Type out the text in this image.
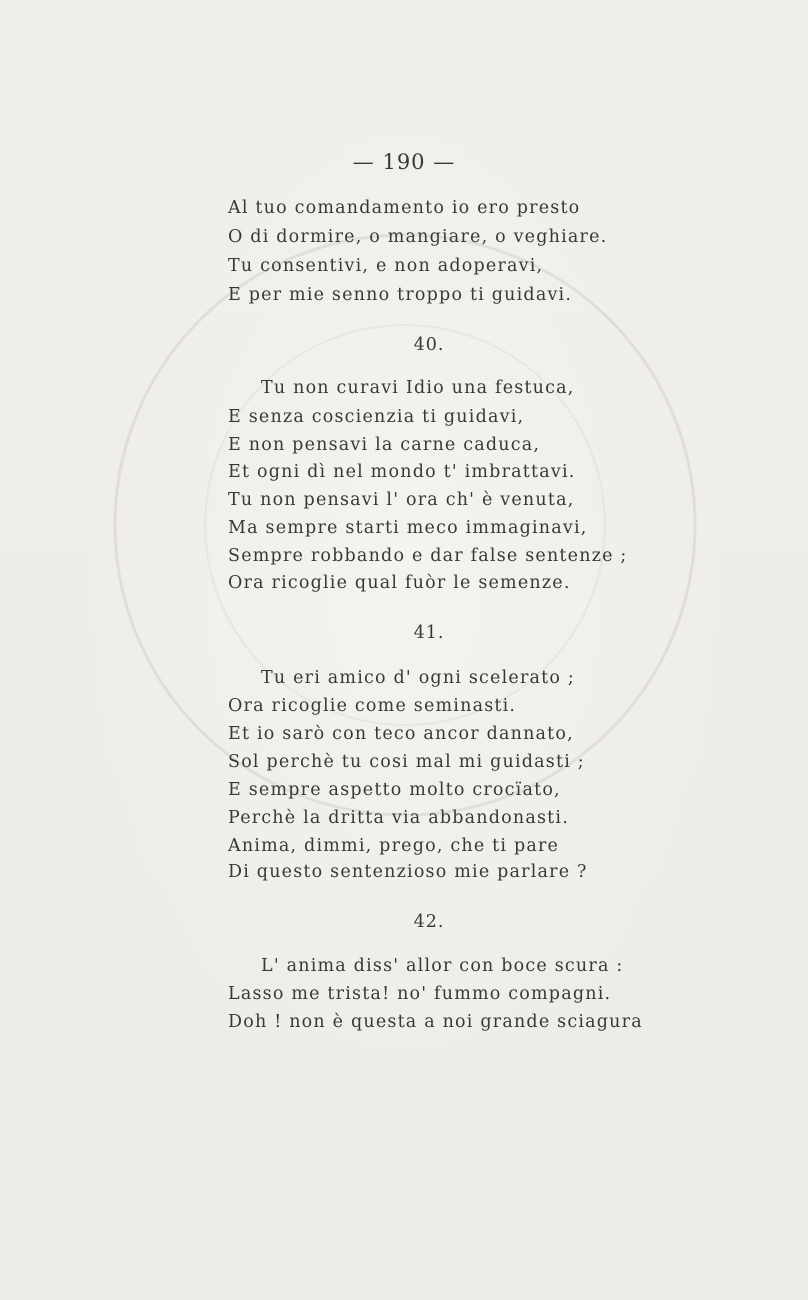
— 190 —
Al tuo comandamento io ero presto
O di dormire, o mangiare, o veghiare.
Tu consentivi, e non adoperavi,
E per mie senno troppo ti guidavi.
40.
Tu non curavi Idio una festuca,
E senza coscienzia ti guidavi,
E non pensavi la carne caduca,
Et ogni dì nel mondo t' imbrattavi.
Tu non pensavi l' ora ch' è venuta,
Ma sempre starti meco immaginavi,
Sempre robbando e dar false sentenze ;
Ora ricoglie qual fuòr le semenze.
41.
Tu eri amico d' ogni scelerato ;
Ora ricoglie come seminasti.
Et io sarò con teco ancor dannato,
Sol perchè tu cosi mal mi guidasti ;
E sempre aspetto molto crocïato,
Perchè la dritta via abbandonasti.
Anima, dimmi, prego, che ti pare
Di questo sentenzioso mie parlare ?
42.
L' anima diss' allor con boce scura :
Lasso me trista! no' fummo compagni.
Doh ! non è questa a noi grande sciagura
